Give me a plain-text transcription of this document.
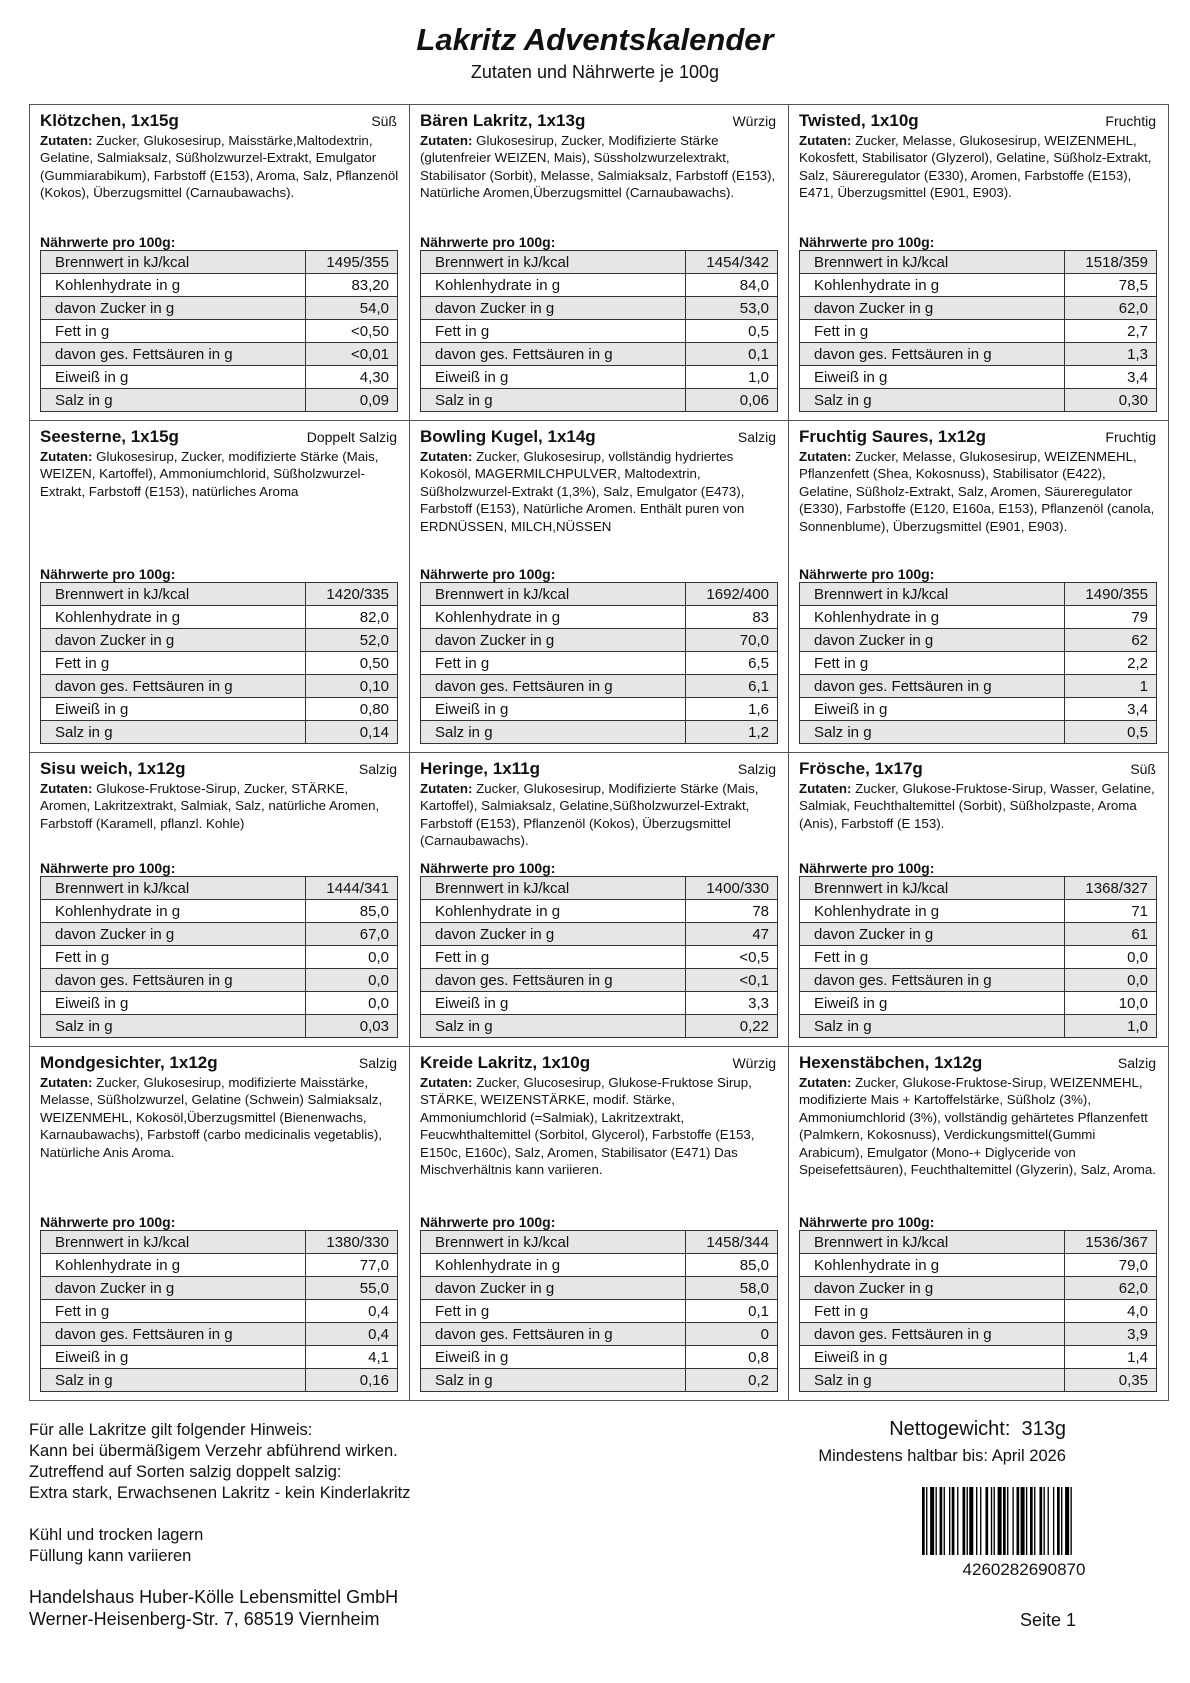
Lakritz Adventskalender
Zutaten und Nährwerte je 100g
Klötzchen, 1x15g	Süß
Zutaten: Zucker, Glukosesirup, Maisstärke,Maltodextrin, Gelatine, Salmiaksalz, Süßholzwurzel-Extrakt, Emulgator (Gummiarabikum), Farbstoff (E153), Aroma, Salz, Pflanzenöl (Kokos), Überzugsmittel (Carnaubawachs).
Nährwerte pro 100g:
Brennwert in kJ/kcal	1495/355
Kohlenhydrate in g	83,20
davon Zucker in g	54,0
Fett in g	<0,50
davon ges. Fettsäuren in g	<0,01
Eiweiß in g	4,30
Salz in g	0,09
Bären Lakritz, 1x13g	Würzig
Zutaten: Glukosesirup, Zucker, Modifizierte Stärke (glutenfreier WEIZEN, Mais), Süssholzwurzelextrakt, Stabilisator (Sorbit), Melasse, Salmiaksalz, Farbstoff (E153), Natürliche Aromen,Überzugsmittel (Carnaubawachs).
Nährwerte pro 100g:
Brennwert in kJ/kcal	1454/342
Kohlenhydrate in g	84,0
davon Zucker in g	53,0
Fett in g	0,5
davon ges. Fettsäuren in g	0,1
Eiweiß in g	1,0
Salz in g	0,06
Twisted, 1x10g	Fruchtig
Zutaten: Zucker, Melasse, Glukosesirup, WEIZENMEHL, Kokosfett, Stabilisator (Glyzerol), Gelatine, Süßholz-Extrakt, Salz, Säureregulator (E330), Aromen, Farbstoffe (E153), E471, Überzugsmittel (E901, E903).
Nährwerte pro 100g:
Brennwert in kJ/kcal	1518/359
Kohlenhydrate in g	78,5
davon Zucker in g	62,0
Fett in g	2,7
davon ges. Fettsäuren in g	1,3
Eiweiß in g	3,4
Salz in g	0,30
Seesterne, 1x15g	Doppelt Salzig
Zutaten: Glukosesirup, Zucker, modifizierte Stärke (Mais, WEIZEN, Kartoffel), Ammoniumchlorid, Süßholzwurzel-Extrakt, Farbstoff (E153), natürliches Aroma
Nährwerte pro 100g:
Brennwert in kJ/kcal	1420/335
Kohlenhydrate in g	82,0
davon Zucker in g	52,0
Fett in g	0,50
davon ges. Fettsäuren in g	0,10
Eiweiß in g	0,80
Salz in g	0,14
Bowling Kugel, 1x14g	Salzig
Zutaten: Zucker, Glukosesirup, vollständig hydriertes Kokosöl, MAGERMILCHPULVER, Maltodextrin, Süßholzwurzel-Extrakt (1,3%), Salz, Emulgator (E473), Farbstoff (E153), Natürliche Aromen. Enthält puren von ERDNÜSSEN, MILCH,NÜSSEN
Nährwerte pro 100g:
Brennwert in kJ/kcal	1692/400
Kohlenhydrate in g	83
davon Zucker in g	70,0
Fett in g	6,5
davon ges. Fettsäuren in g	6,1
Eiweiß in g	1,6
Salz in g	1,2
Fruchtig Saures, 1x12g	Fruchtig
Zutaten: Zucker, Melasse, Glukosesirup, WEIZENMEHL, Pflanzenfett (Shea, Kokosnuss), Stabilisator (E422), Gelatine, Süßholz-Extrakt, Salz, Aromen, Säureregulator (E330), Farbstoffe (E120, E160a, E153), Pflanzenöl (canola, Sonnenblume), Überzugsmittel (E901, E903).
Nährwerte pro 100g:
Brennwert in kJ/kcal	1490/355
Kohlenhydrate in g	79
davon Zucker in g	62
Fett in g	2,2
davon ges. Fettsäuren in g	1
Eiweiß in g	3,4
Salz in g	0,5
Sisu weich, 1x12g	Salzig
Zutaten: Glukose-Fruktose-Sirup, Zucker, STÄRKE, Aromen, Lakritzextrakt, Salmiak, Salz, natürliche Aromen, Farbstoff (Karamell, pflanzl. Kohle)
Nährwerte pro 100g:
Brennwert in kJ/kcal	1444/341
Kohlenhydrate in g	85,0
davon Zucker in g	67,0
Fett in g	0,0
davon ges. Fettsäuren in g	0,0
Eiweiß in g	0,0
Salz in g	0,03
Heringe, 1x11g	Salzig
Zutaten: Zucker, Glukosesirup, Modifizierte Stärke (Mais, Kartoffel), Salmiaksalz, Gelatine,Süßholzwurzel-Extrakt, Farbstoff (E153), Pflanzenöl (Kokos), Überzugsmittel (Carnaubawachs).
Nährwerte pro 100g:
Brennwert in kJ/kcal	1400/330
Kohlenhydrate in g	78
davon Zucker in g	47
Fett in g	<0,5
davon ges. Fettsäuren in g	<0,1
Eiweiß in g	3,3
Salz in g	0,22
Frösche, 1x17g	Süß
Zutaten: Zucker, Glukose-Fruktose-Sirup, Wasser, Gelatine, Salmiak, Feuchthaltemittel (Sorbit), Süßholzpaste, Aroma (Anis), Farbstoff (E 153).
Nährwerte pro 100g:
Brennwert in kJ/kcal	1368/327
Kohlenhydrate in g	71
davon Zucker in g	61
Fett in g	0,0
davon ges. Fettsäuren in g	0,0
Eiweiß in g	10,0
Salz in g	1,0
Mondgesichter, 1x12g	Salzig
Zutaten: Zucker, Glukosesirup, modifizierte Maisstärke, Melasse, Süßholzwurzel, Gelatine (Schwein) Salmiaksalz, WEIZENMEHL, Kokosöl,Überzugsmittel (Bienenwachs, Karnaubawachs), Farbstoff (carbo medicinalis vegetablis), Natürliche Anis Aroma.
Nährwerte pro 100g:
Brennwert in kJ/kcal	1380/330
Kohlenhydrate in g	77,0
davon Zucker in g	55,0
Fett in g	0,4
davon ges. Fettsäuren in g	0,4
Eiweiß in g	4,1
Salz in g	0,16
Kreide Lakritz, 1x10g	Würzig
Zutaten: Zucker, Glucosesirup, Glukose-Fruktose Sirup, STÄRKE, WEIZENSTÄRKE, modif. Stärke, Ammoniumchlorid (=Salmiak), Lakritzextrakt, Feucwhthaltemittel (Sorbitol, Glycerol), Farbstoffe (E153, E150c, E160c), Salz, Aromen, Stabilisator (E471) Das Mischverhältnis kann variieren.
Nährwerte pro 100g:
Brennwert in kJ/kcal	1458/344
Kohlenhydrate in g	85,0
davon Zucker in g	58,0
Fett in g	0,1
davon ges. Fettsäuren in g	0
Eiweiß in g	0,8
Salz in g	0,2
Hexenstäbchen, 1x12g	Salzig
Zutaten: Zucker, Glukose-Fruktose-Sirup, WEIZENMEHL, modifizierte Mais + Kartoffelstärke, Süßholz (3%), Ammoniumchlorid (3%), vollständig gehärtetes Pflanzenfett (Palmkern, Kokosnuss), Verdickungsmittel(Gummi Arabicum), Emulgator (Mono-+ Diglyceride von Speisefettsäuren), Feuchthaltemittel (Glyzerin), Salz, Aroma.
Nährwerte pro 100g:
Brennwert in kJ/kcal	1536/367
Kohlenhydrate in g	79,0
davon Zucker in g	62,0
Fett in g	4,0
davon ges. Fettsäuren in g	3,9
Eiweiß in g	1,4
Salz in g	0,35
Für alle Lakritze gilt folgender Hinweis:
Kann bei übermäßigem Verzehr abführend wirken.
Zutreffend auf Sorten salzig doppelt salzig:
Extra stark, Erwachsenen Lakritz - kein Kinderlakritz
Kühl und trocken lagern
Füllung kann variieren
Handelshaus Huber-Kölle Lebensmittel GmbH
Werner-Heisenberg-Str. 7, 68519 Viernheim
Nettogewicht:  313g
Mindestens haltbar bis: April 2026
4260282690870
Seite 1
